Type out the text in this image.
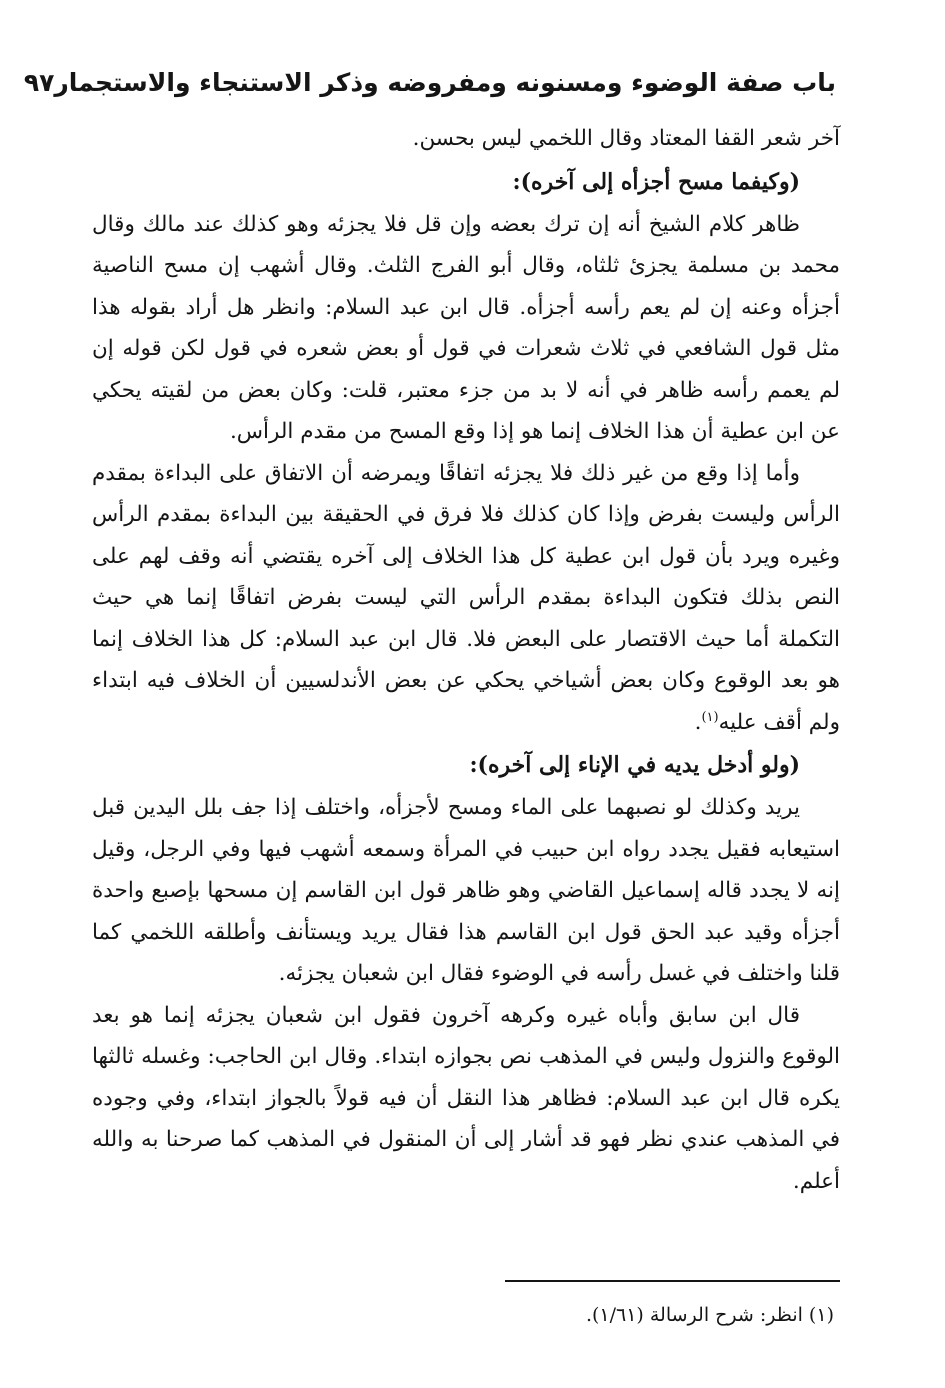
باب صفة الوضوء ومسنونه ومفروضه وذكر الاستنجاء والاستجمار
٩٧

آخر شعر القفا المعتاد وقال اللخمي ليس بحسن.

(وكيفما مسح أجزأه إلى آخره):

ظاهر كلام الشيخ أنه إن ترك بعضه وإن قل فلا يجزئه وهو كذلك عند مالك وقال محمد بن مسلمة يجزئ ثلثاه، وقال أبو الفرج الثلث. وقال أشهب إن مسح الناصية أجزأه وعنه إن لم يعم رأسه أجزأه. قال ابن عبد السلام: وانظر هل أراد بقوله هذا مثل قول الشافعي في ثلاث شعرات في قول أو بعض شعره في قول لكن قوله إن لم يعمم رأسه ظاهر في أنه لا بد من جزء معتبر، قلت: وكان بعض من لقيته يحكي عن ابن عطية أن هذا الخلاف إنما هو إذا وقع المسح من مقدم الرأس.

وأما إذا وقع من غير ذلك فلا يجزئه اتفاقًا ويمرضه أن الاتفاق على البداءة بمقدم الرأس وليست بفرض وإذا كان كذلك فلا فرق في الحقيقة بين البداءة بمقدم الرأس وغيره ويرد بأن قول ابن عطية كل هذا الخلاف إلى آخره يقتضي أنه وقف لهم على النص بذلك فتكون البداءة بمقدم الرأس التي ليست بفرض اتفاقًا إنما هي حيث التكملة أما حيث الاقتصار على البعض فلا. قال ابن عبد السلام: كل هذا الخلاف إنما هو بعد الوقوع وكان بعض أشياخي يحكي عن بعض الأندلسيين أن الخلاف فيه ابتداء ولم أقف عليه$^{(١)}$.

(ولو أدخل يديه في الإناء إلى آخره):

يريد وكذلك لو نصبهما على الماء ومسح لأجزأه، واختلف إذا جف بلل اليدين قبل استيعابه فقيل يجدد رواه ابن حبيب في المرأة وسمعه أشهب فيها وفي الرجل، وقيل إنه لا يجدد قاله إسماعيل القاضي وهو ظاهر قول ابن القاسم إن مسحها بإصبع واحدة أجزأه وقيد عبد الحق قول ابن القاسم هذا فقال يريد ويستأنف وأطلقه اللخمي كما قلنا واختلف في غسل رأسه في الوضوء فقال ابن شعبان يجزئه.

قال ابن سابق وأباه غيره وكرهه آخرون فقول ابن شعبان يجزئه إنما هو بعد الوقوع والنزول وليس في المذهب نص بجوازه ابتداء. وقال ابن الحاجب: وغسله ثالثها يكره قال ابن عبد السلام: فظاهر هذا النقل أن فيه قولاً بالجواز ابتداء، وفي وجوده في المذهب عندي نظر فهو قد أشار إلى أن المنقول في المذهب كما صرحنا به والله أعلم.

(١) انظر: شرح الرسالة (١/٦١).
